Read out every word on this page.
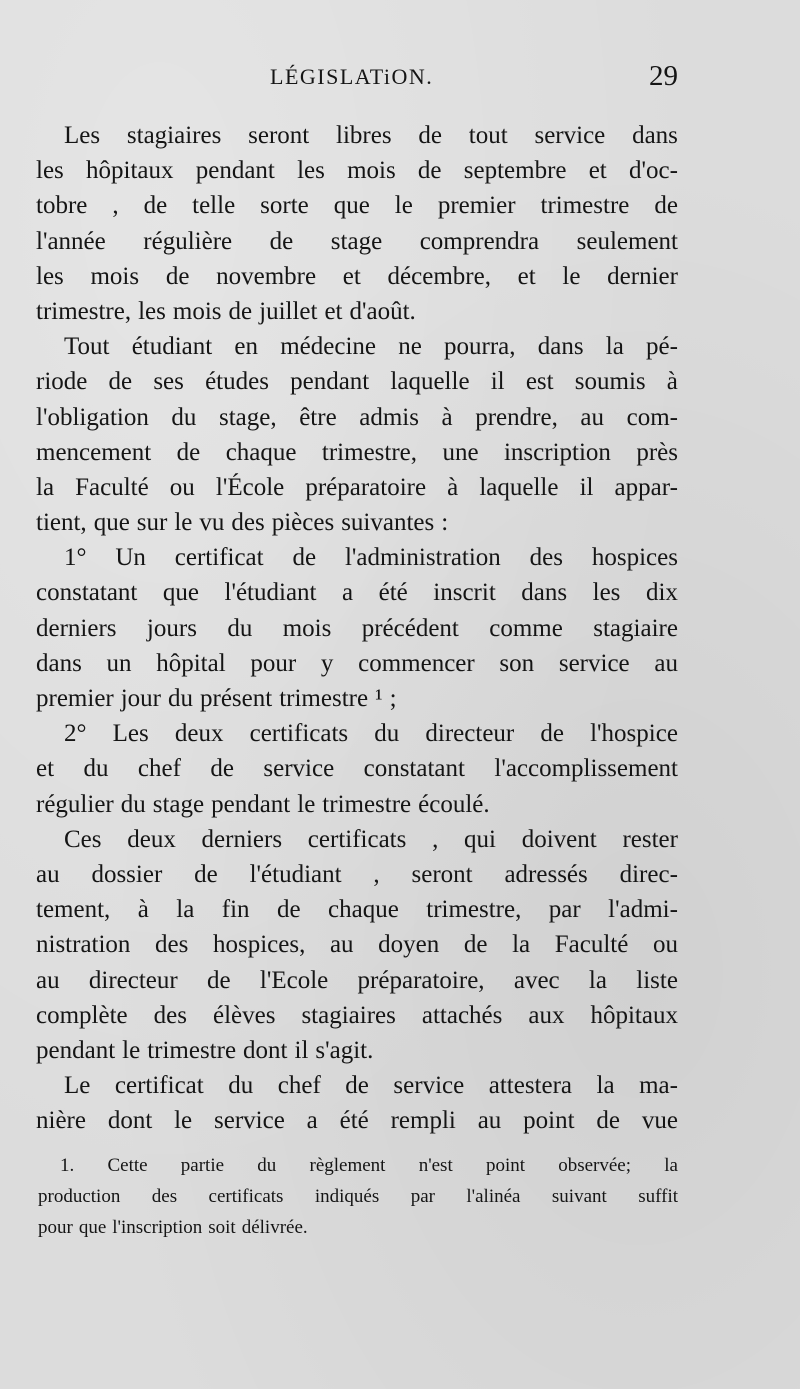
LÉGISLATiON.	29
Les stagiaires seront libres de tout service dans
les hôpitaux pendant les mois de septembre et d'oc-
tobre , de telle sorte que le premier trimestre de
l'année régulière de stage comprendra seulement
les mois de novembre et décembre, et le dernier
trimestre, les mois de juillet et d'août.
Tout étudiant en médecine ne pourra, dans la pé-
riode de ses études pendant laquelle il est soumis à
l'obligation du stage, être admis à prendre, au com-
mencement de chaque trimestre, une inscription près
la Faculté ou l'École préparatoire à laquelle il appar-
tient, que sur le vu des pièces suivantes :
1° Un certificat de l'administration des hospices
constatant que l'étudiant a été inscrit dans les dix
derniers jours du mois précédent comme stagiaire
dans un hôpital pour y commencer son service au
premier jour du présent trimestre ¹ ;
2° Les deux certificats du directeur de l'hospice
et du chef de service constatant l'accomplissement
régulier du stage pendant le trimestre écoulé.
Ces deux derniers certificats , qui doivent rester
au dossier de l'étudiant , seront adressés direc-
tement, à la fin de chaque trimestre, par l'admi-
nistration des hospices, au doyen de la Faculté ou
au directeur de l'Ecole préparatoire, avec la liste
complète des élèves stagiaires attachés aux hôpitaux
pendant le trimestre dont il s'agit.
Le certificat du chef de service attestera la ma-
nière dont le service a été rempli au point de vue
1. Cette partie du règlement n'est point observée; la
production des certificats indiqués par l'alinéa suivant suffit
pour que l'inscription soit délivrée.
